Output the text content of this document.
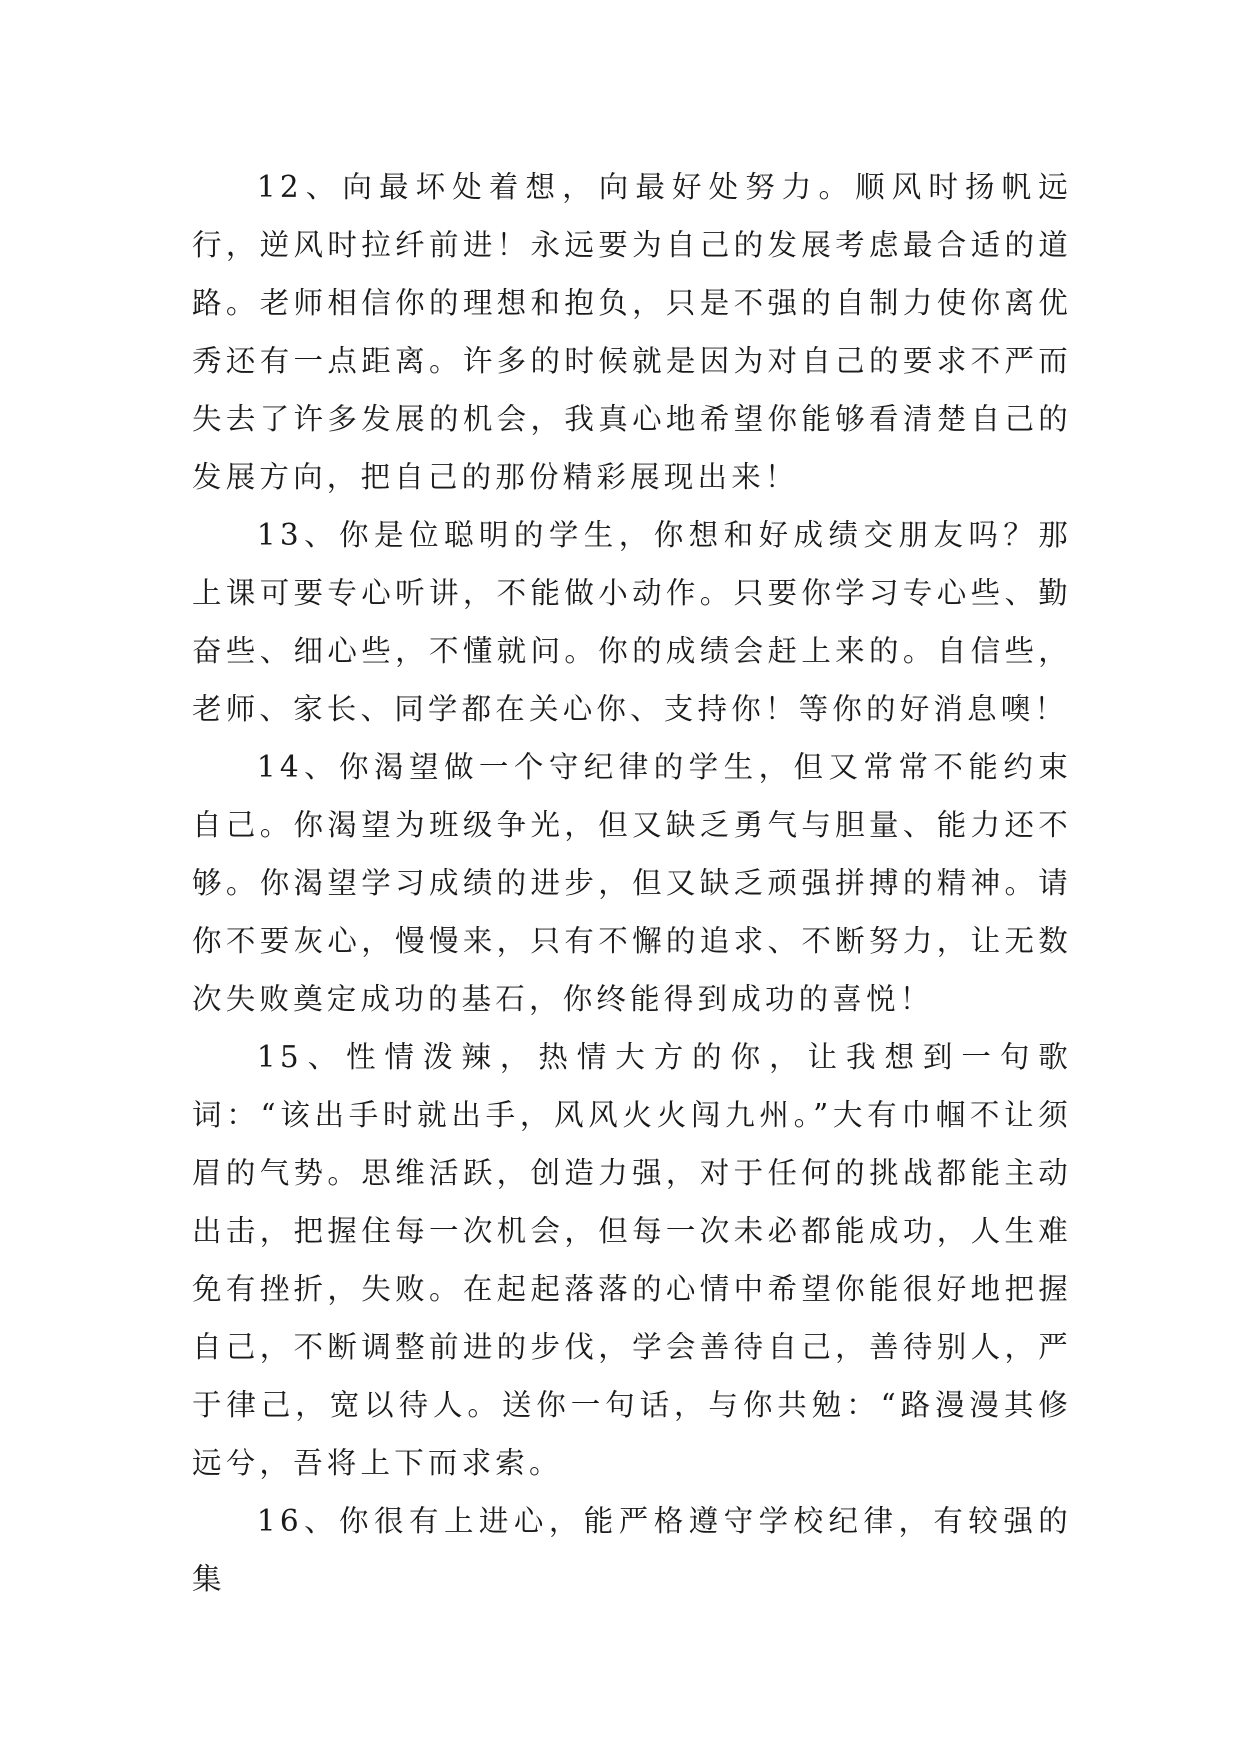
12、向最坏处着想，向最好处努力。顺风时扬帆远行，逆风时拉纤前进！永远要为自己的发展考虑最合适的道路。老师相信你的理想和抱负，只是不强的自制力使你离优秀还有一点距离。许多的时候就是因为对自己的要求不严而失去了许多发展的机会，我真心地希望你能够看清楚自己的发展方向，把自己的那份精彩展现出来！

13、你是位聪明的学生，你想和好成绩交朋友吗？那上课可要专心听讲，不能做小动作。只要你学习专心些、勤奋些、细心些，不懂就问。你的成绩会赶上来的。自信些，老师、家长、同学都在关心你、支持你！等你的好消息噢！

14、你渴望做一个守纪律的学生，但又常常不能约束自己。你渴望为班级争光，但又缺乏勇气与胆量、能力还不够。你渴望学习成绩的进步，但又缺乏顽强拼搏的精神。请你不要灰心，慢慢来，只有不懈的追求、不断努力，让无数次失败奠定成功的基石，你终能得到成功的喜悦！

15、性情泼辣，热情大方的你，让我想到一句歌词：“该出手时就出手，风风火火闯九州。”大有巾帼不让须眉的气势。思维活跃，创造力强，对于任何的挑战都能主动出击，把握住每一次机会，但每一次未必都能成功，人生难免有挫折，失败。在起起落落的心情中希望你能很好地把握自己，不断调整前进的步伐，学会善待自己，善待别人，严于律己，宽以待人。送你一句话，与你共勉：“路漫漫其修远兮，吾将上下而求索。

16、你很有上进心，能严格遵守学校纪律，有较强的集
